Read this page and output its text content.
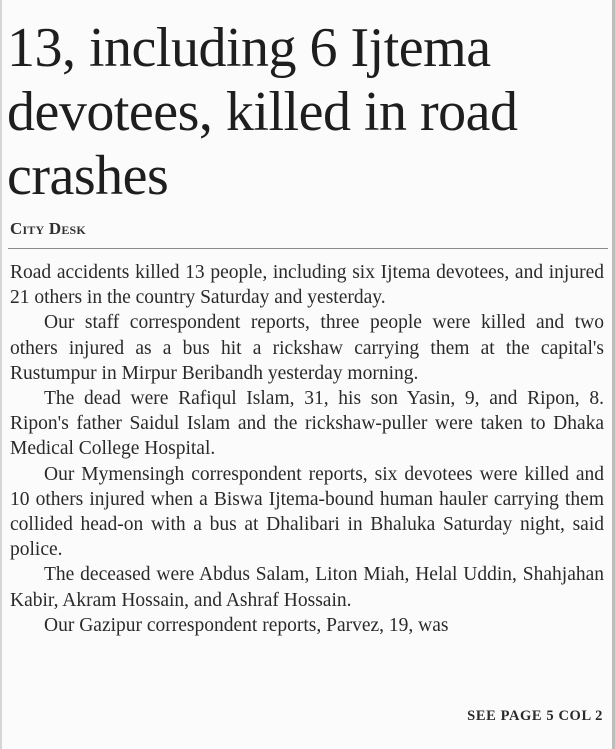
13, including 6 Ijtema devotees, killed in road crashes
City Desk

Road accidents killed 13 people, including six Ijtema devotees, and injured 21 others in the country Saturday and yesterday.

Our staff correspondent reports, three people were killed and two others injured as a bus hit a rickshaw carrying them at the capital's Rustumpur in Mirpur Beribandh yesterday morning.

The dead were Rafiqul Islam, 31, his son Yasin, 9, and Ripon, 8. Ripon's father Saidul Islam and the rickshaw-puller were taken to Dhaka Medical College Hospital.

Our Mymensingh correspondent reports, six devotees were killed and 10 others injured when a Biswa Ijtema-bound human hauler carrying them collided head-on with a bus at Dhalibari in Bhaluka Saturday night, said police.

The deceased were Abdus Salam, Liton Miah, Helal Uddin, Shahjahan Kabir, Akram Hossain, and Ashraf Hossain.

Our Gazipur correspondent reports, Parvez, 19, was

SEE PAGE 5 COL 2
